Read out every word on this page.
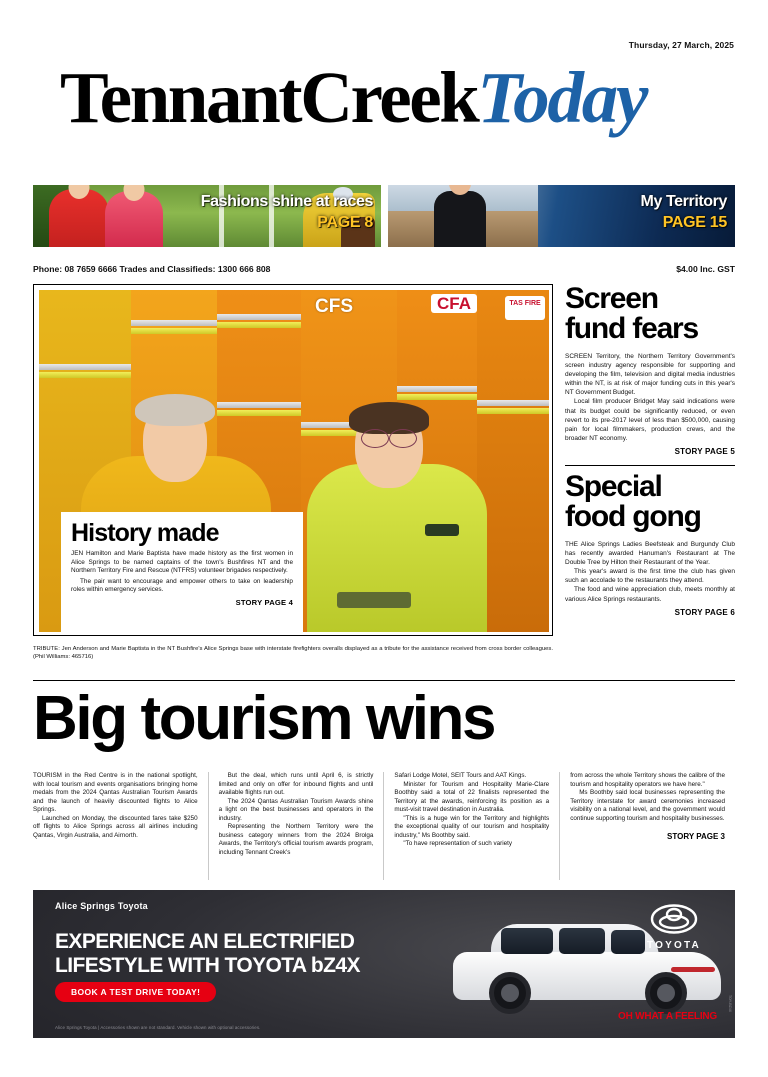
Thursday, 27 March, 2025
TennantCreekToday
Fashions shine at races
PAGE 8
My Territory
PAGE 15
Phone: 08 7659 6666 Trades and Classifieds: 1300 666 808	$4.00 Inc. GST
CFS	CFA	TAS FIRE
History made

JEN Hamilton and Marie Baptista have made history as the first women in Alice Springs to be named captains of the town's Bushfires NT and the Northern Territory Fire and Rescue (NTFRS) volunteer brigades respectively.

The pair want to encourage and empower others to take on leadership roles within emergency services.

STORY PAGE 4
TRIBUTE: Jen Anderson and Marie Baptista in the NT Bushfire's Alice Springs base with interstate firefighters overalls displayed as a tribute for the assistance received from cross border colleagues. (Phil Williams: 465716)
Screen
fund fears

SCREEN Territory, the Northern Territory Government's screen industry agency responsible for supporting and developing the film, television and digital media industries within the NT, is at risk of major funding cuts in this year's NT Government Budget.

Local film producer Bridget May said indications were that its budget could be significantly reduced, or even revert to its pre-2017 level of less than $500,000, causing pain for local filmmakers, production crews, and the broader NT economy.

STORY PAGE 5
Special
food gong

THE Alice Springs Ladies Beefsteak and Burgundy Club has recently awarded Hanuman's Restaurant at The Double Tree by Hilton their Restaurant of the Year.

This year's award is the first time the club has given such an accolade to the restaurants they attend.

The food and wine appreciation club, meets monthly at various Alice Springs restaurants.

STORY PAGE 6
Big tourism wins

TOURISM in the Red Centre is in the national spotlight, with local tourism and events organisations bringing home medals from the 2024 Qantas Australian Tourism Awards and the launch of heavily discounted flights to Alice Springs.

Launched on Monday, the discounted fares take $250 off flights to Alice Springs across all airlines including Qantas, Virgin Australia, and Airnorth.

But the deal, which runs until April 6, is strictly limited and only on offer for inbound flights and until available flights run out.

The 2024 Qantas Australian Tourism Awards shine a light on the best businesses and operators in the industry.

Representing the Northern Territory were the business category winners from the 2024 Brolga Awards, the Territory's official tourism awards program, including Tennant Creek's

Safari Lodge Motel, SEIT Tours and AAT Kings.

Minister for Tourism and Hospitality Marie-Clare Boothby said a total of 22 finalists represented the Territory at the awards, reinforcing its position as a must-visit travel destination in Australia.

"This is a huge win for the Territory and highlights the exceptional quality of our tourism and hospitality industry," Ms Boothby said.

"To have representation of such variety

from across the whole Territory shows the calibre of the tourism and hospitality operators we have here."

Ms Boothby said local businesses representing the Territory interstate for award ceremonies increased visibility on a national level, and the government would continue supporting tourism and hospitality businesses.

STORY PAGE 3
Alice Springs Toyota
EXPERIENCE AN ELECTRIFIED
LIFESTYLE WITH TOYOTA bZ4X
BOOK A TEST DRIVE TODAY!
TOYOTA
OH WHAT A FEELING
Alice Springs Toyota | Accessories shown are not standard. Vehicle shown with optional accessories.
TOY-BZ4X
